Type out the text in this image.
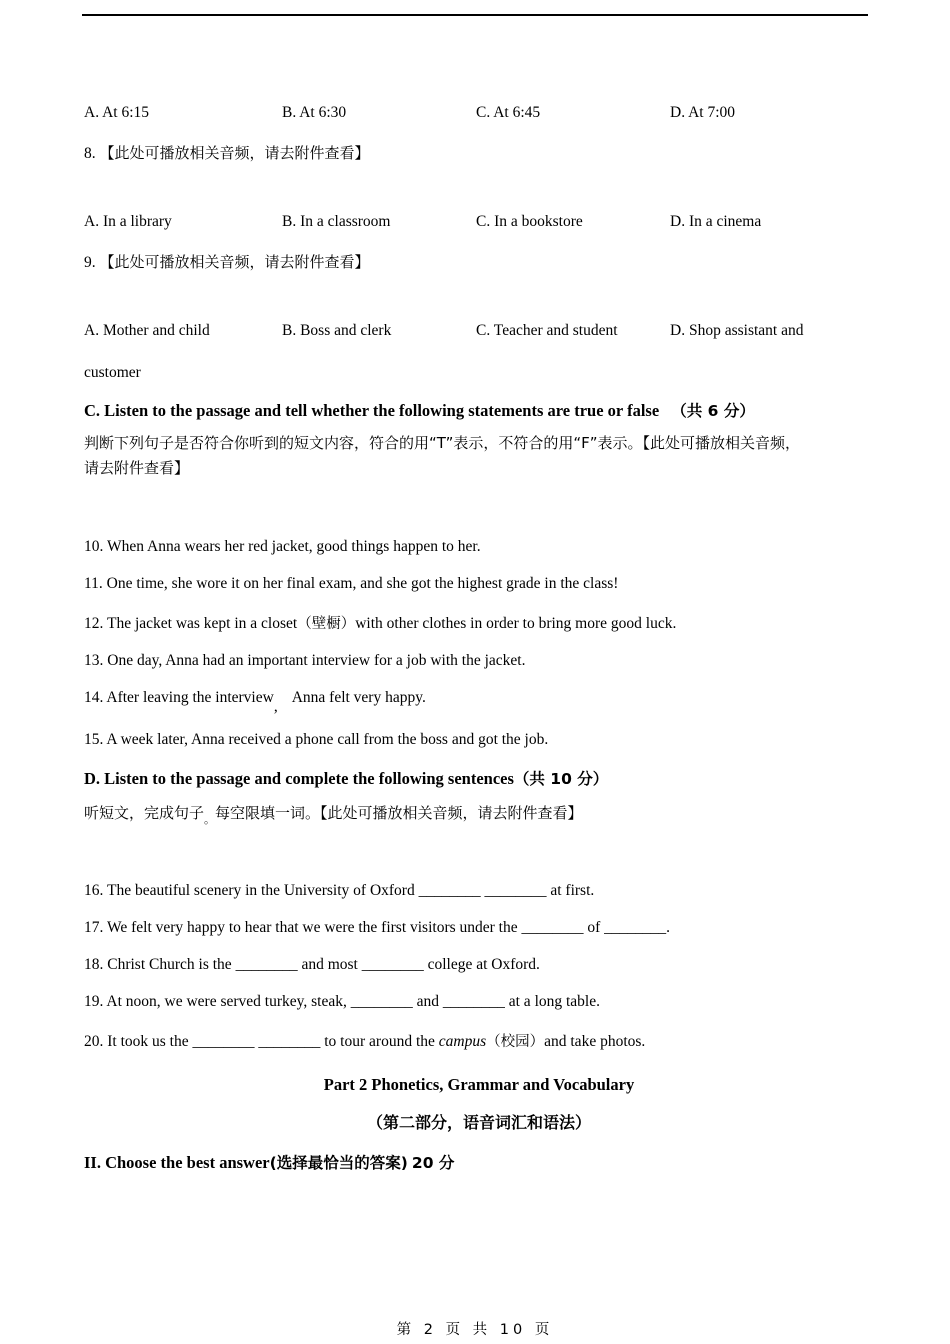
A. At 6:15	B. At 6:30	C. At 6:45	D. At 7:00
8. 【此处可播放相关音频，请去附件查看】
A. In a library	B. In a classroom	C. In a bookstore	D. In a cinema
9. 【此处可播放相关音频，请去附件查看】
A. Mother and child	B. Boss and clerk	C. Teacher and student	D. Shop assistant and
customer
C. Listen to the passage and tell whether the following statements are true or false （共 6 分）
判断下列句子是否符合你听到的短文内容，符合的用“T”表示，不符合的用“F”表示。【此处可播放相关音频，
请去附件查看】
10. When Anna wears her red jacket, good things happen to her.
11. One time, she wore it on her final exam, and she got the highest grade in the class!
12. The jacket was kept in a closet（壁橱）with other clothes in order to bring more good luck.
13. One day, Anna had an important interview for a job with the jacket.
14. After leaving the interview,Anna felt very happy.
15. A week later, Anna received a phone call from the boss and got the job.
D. Listen to the passage and complete the following sentences（共 10 分）
听短文，完成句子。每空限填一词。【此处可播放相关音频，请去附件查看】
16. The beautiful scenery in the University of Oxford ________ ________ at first.
17. We felt very happy to hear that we were the first visitors under the ________ of ________.
18. Christ Church is the ________ and most ________ college at Oxford.
19. At noon, we were served turkey, steak, ________ and ________ at a long table.
20. It took us the ________ ________ to tour around the campus（校园）and take photos.
Part 2 Phonetics, Grammar and Vocabulary
（第二部分，语音词汇和语法）
II. Choose the best answer(选择最恰当的答案) 20 分
第 2 页 共 10 页
